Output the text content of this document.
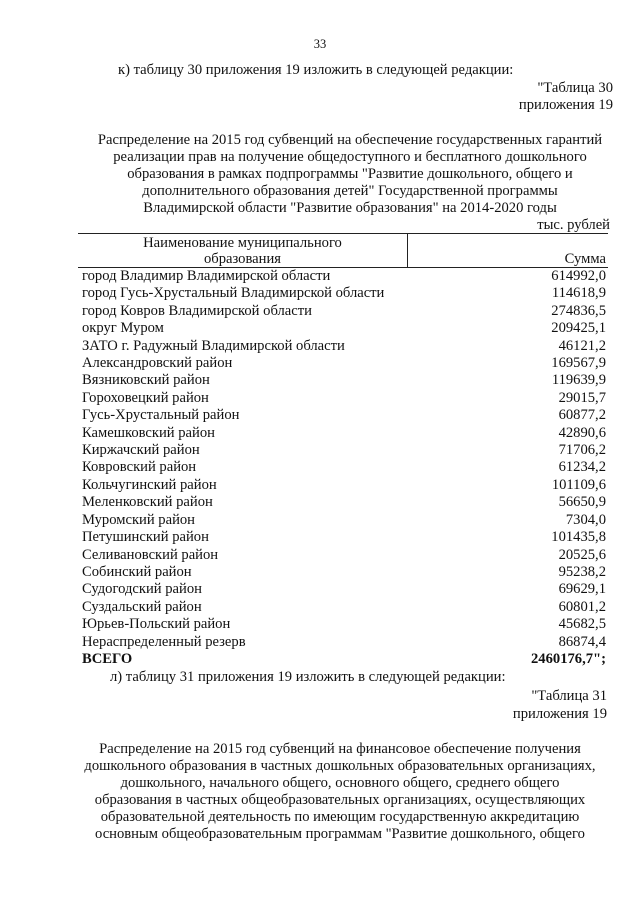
33
к) таблицу 30 приложения 19 изложить в следующей редакции:
"Таблица 30
приложения 19
Распределение на 2015 год субвенций на обеспечение государственных гарантий
реализации прав на получение общедоступного и бесплатного дошкольного
образования в рамках подпрограммы "Развитие дошкольного, общего и
дополнительного образования детей" Государственной программы
Владимирской области "Развитие образования" на 2014-2020 годы
тыс. рублей
Наименование муниципального
образования	Сумма
город Владимир Владимирской области	614992,0
город Гусь-Хрустальный Владимирской области	114618,9
город Ковров Владимирской области	274836,5
округ Муром	209425,1
ЗАТО г. Радужный Владимирской области	46121,2
Александровский район	169567,9
Вязниковский район	119639,9
Гороховецкий район	29015,7
Гусь-Хрустальный район	60877,2
Камешковский район	42890,6
Киржачский район	71706,2
Ковровский район	61234,2
Кольчугинский район	101109,6
Меленковский район	56650,9
Муромский район	7304,0
Петушинский район	101435,8
Селивановский район	20525,6
Собинский район	95238,2
Судогодский район	69629,1
Суздальский район	60801,2
Юрьев-Польский район	45682,5
Нераспределенный резерв	86874,4
ВСЕГО	2460176,7";
л) таблицу 31 приложения 19 изложить в следующей редакции:
"Таблица 31
приложения 19
Распределение на 2015 год субвенций на финансовое обеспечение получения
дошкольного образования в частных дошкольных образовательных организациях,
дошкольного, начального общего, основного общего, среднего общего
образования в частных общеобразовательных организациях, осуществляющих
образовательной деятельность по имеющим государственную аккредитацию
основным общеобразовательным программам "Развитие дошкольного, общего
